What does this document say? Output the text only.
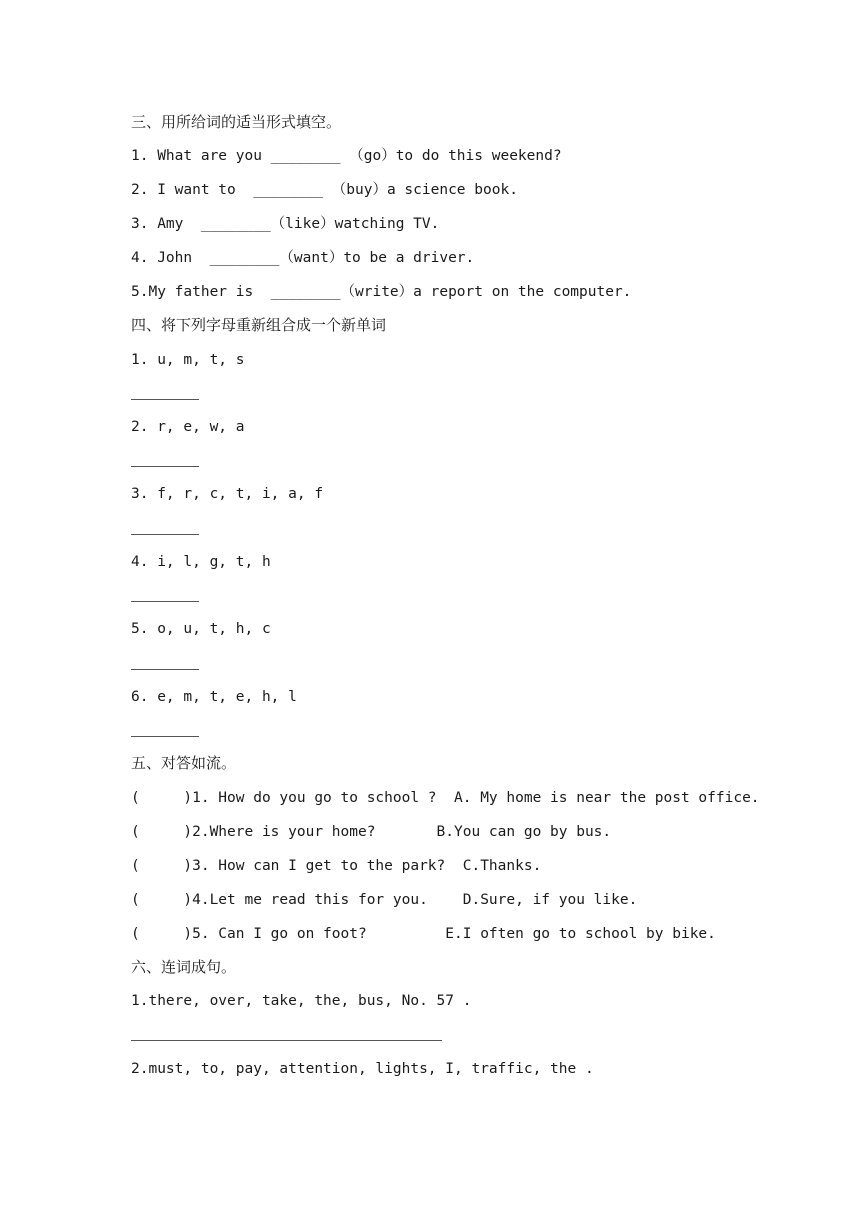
三、用所给词的适当形式填空。
1. What are you ________ （go）to do this weekend?
2. I want to  ________ （buy）a science book.
3. Amy  ________（like）watching TV.
4. John  ________（want）to be a driver.
5.My father is  ________（write）a report on the computer.
四、将下列字母重新组合成一个新单词
1. u, m, t, s
2. r, e, w, a
3. f, r, c, t, i, a, f
4. i, l, g, t, h
5. o, u, t, h, c
6. e, m, t, e, h, l
五、对答如流。
(     )1. How do you go to school ?  A. My home is near the post office.
(     )2.Where is your home?       B.You can go by bus.
(     )3. How can I get to the park?  C.Thanks.
(     )4.Let me read this for you.    D.Sure, if you like.
(     )5. Can I go on foot?         E.I often go to school by bike.
六、连词成句。
1.there, over, take, the, bus, No. 57 .
2.must, to, pay, attention, lights, I, traffic, the .
